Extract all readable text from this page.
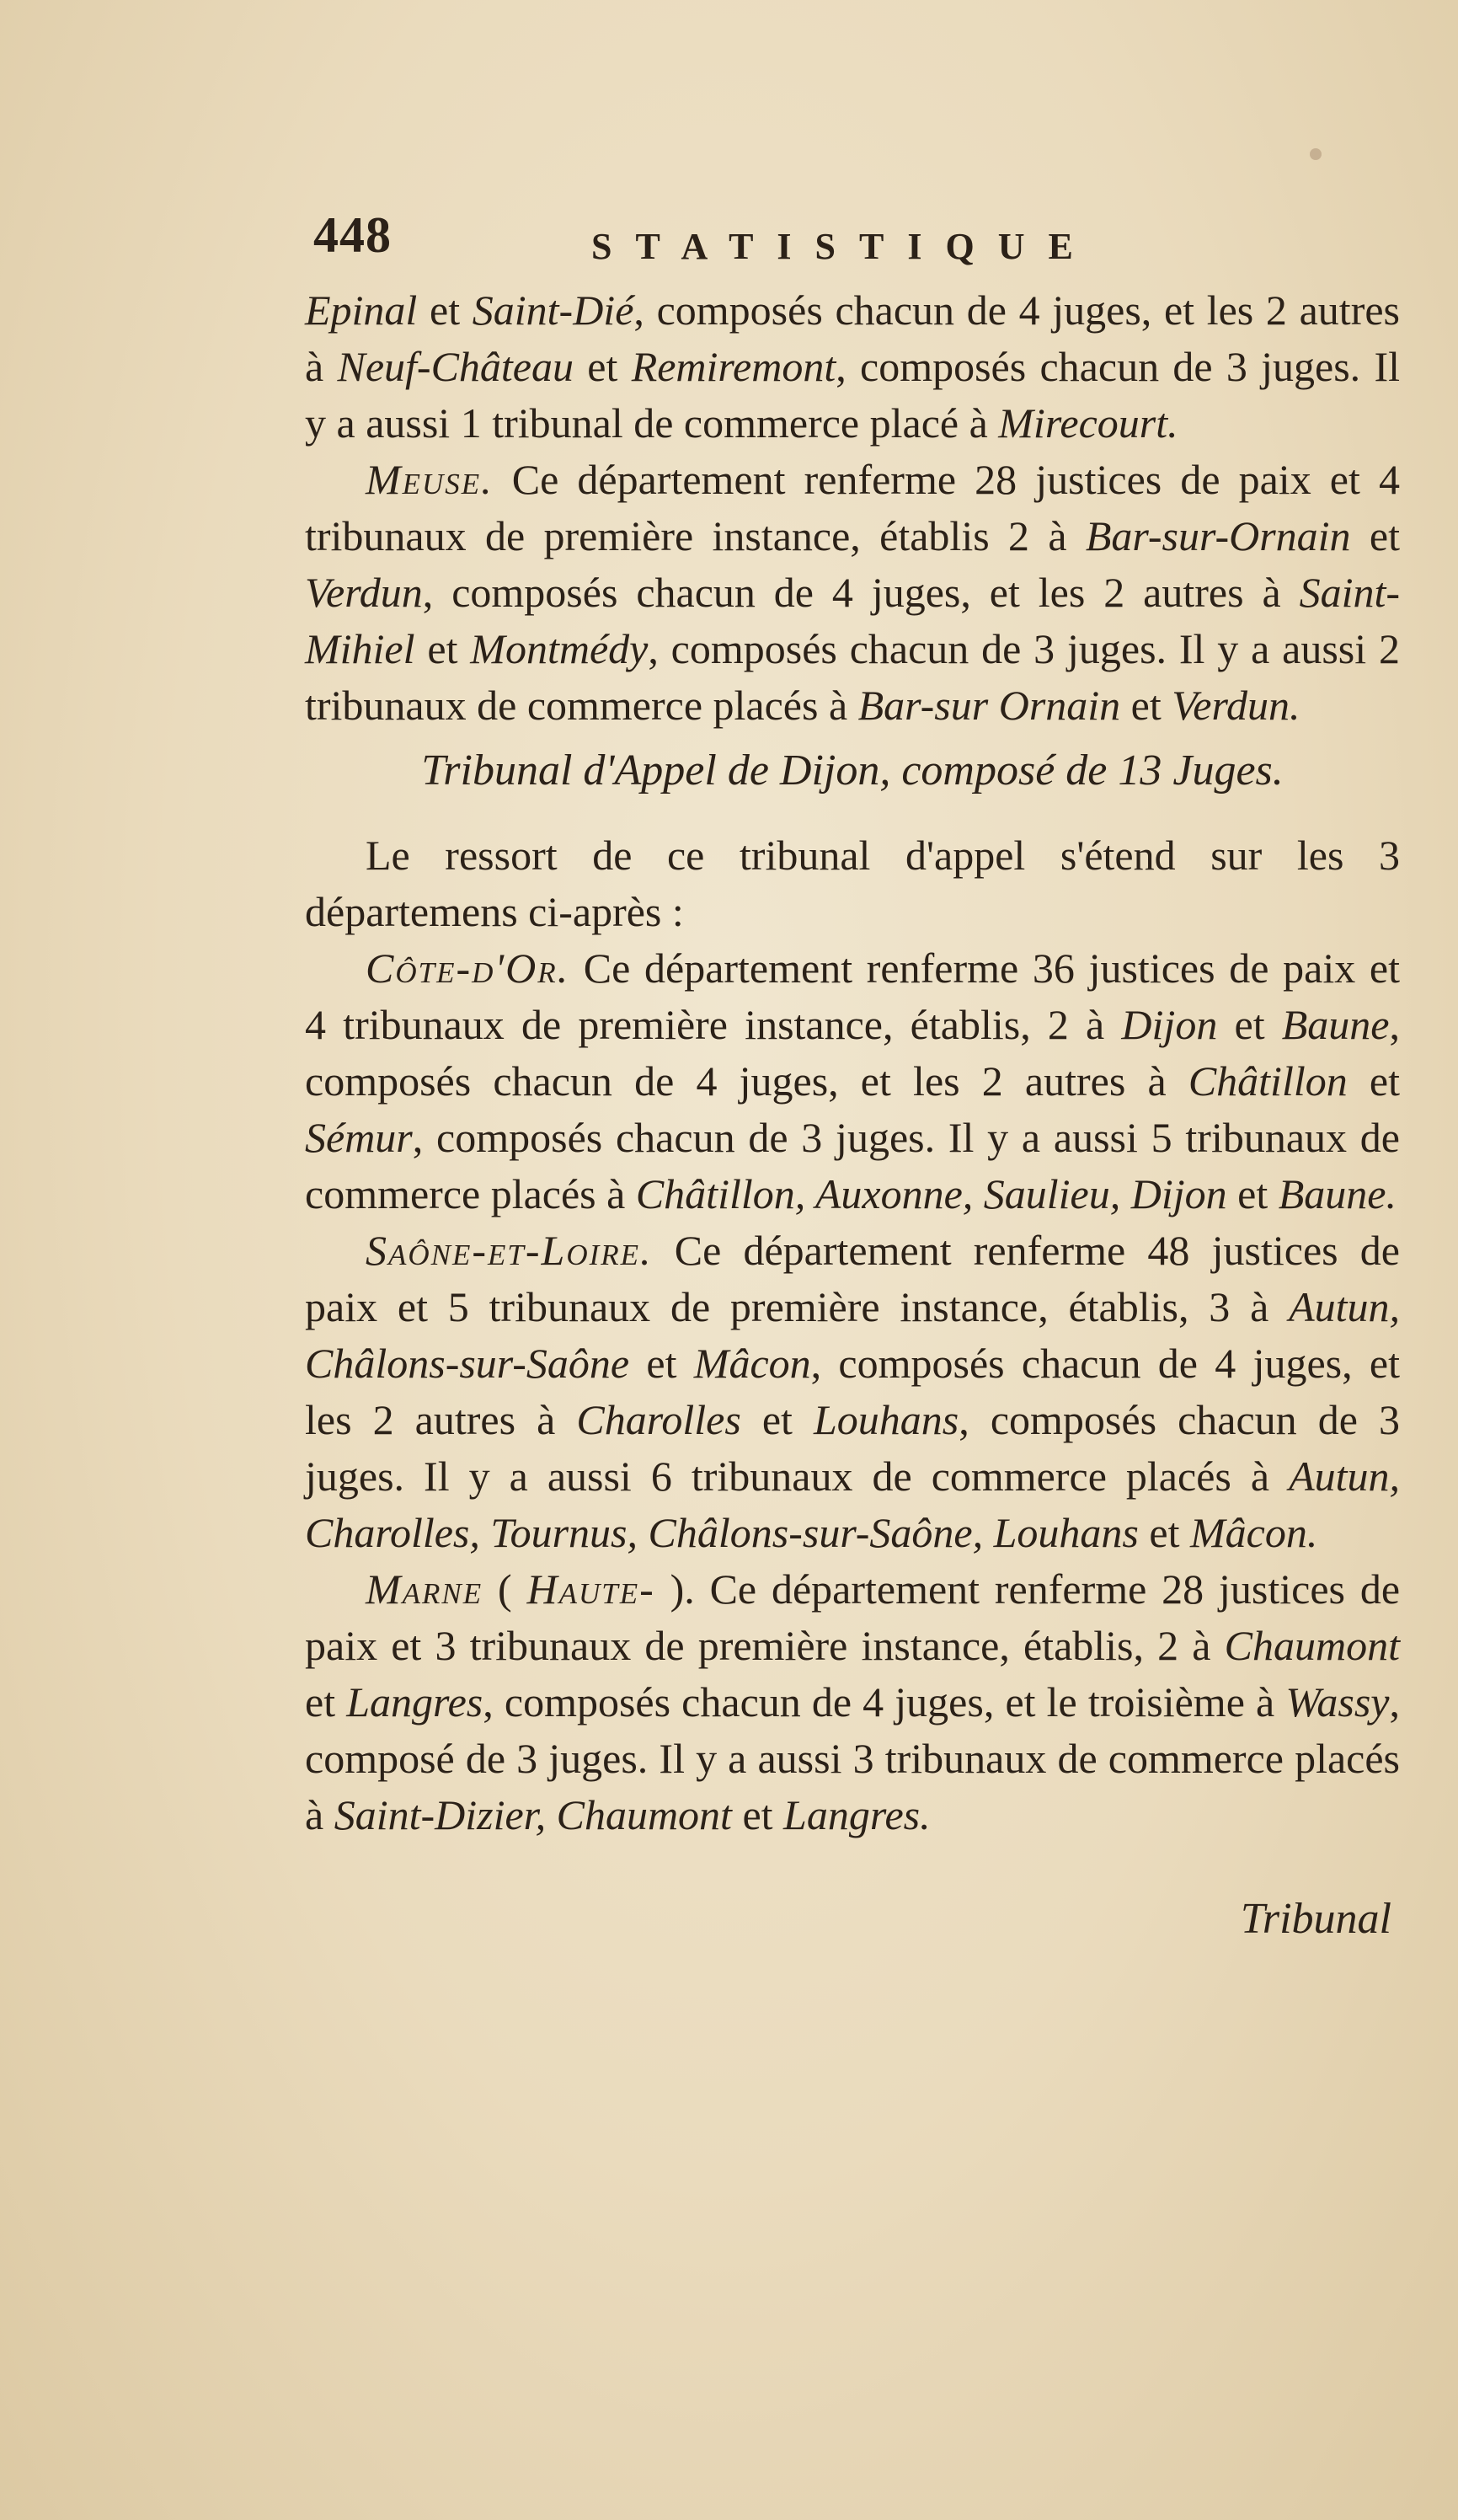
448	STATISTIQUE

Epinal et Saint-Dié, composés chacun de 4 juges, et les 2 autres à Neuf-Château et Remiremont, composés chacun de 3 juges. Il y a aussi 1 tribunal de commerce placé à Mirecourt.

Meuse. Ce département renferme 28 justices de paix et 4 tribunaux de première instance, établis 2 à Bar-sur-Ornain et Verdun, composés chacun de 4 juges, et les 2 autres à Saint-Mihiel et Montmédy, composés chacun de 3 juges. Il y a aussi 2 tribunaux de commerce placés à Bar-sur Ornain et Verdun.

Tribunal d'Appel de Dijon, composé de 13 Juges.

Le ressort de ce tribunal d'appel s'étend sur les 3 départemens ci-après :

Côte-d'Or. Ce département renferme 36 justices de paix et 4 tribunaux de première instance, établis, 2 à Dijon et Baune, composés chacun de 4 juges, et les 2 autres à Châtillon et Sémur, composés chacun de 3 juges. Il y a aussi 5 tribunaux de commerce placés à Châtillon, Auxonne, Saulieu, Dijon et Baune.

Saône-et-Loire. Ce département renferme 48 justices de paix et 5 tribunaux de première instance, établis, 3 à Autun, Châlons-sur-Saône et Mâcon, composés chacun de 4 juges, et les 2 autres à Charolles et Louhans, composés chacun de 3 juges. Il y a aussi 6 tribunaux de commerce placés à Autun, Charolles, Tournus, Châlons-sur-Saône, Louhans et Mâcon.

Marne ( Haute- ). Ce département renferme 28 justices de paix et 3 tribunaux de première instance, établis, 2 à Chaumont et Langres, composés chacun de 4 juges, et le troisième à Wassy, composé de 3 juges. Il y a aussi 3 tribunaux de commerce placés à Saint-Dizier, Chaumont et Langres.

Tribunal
